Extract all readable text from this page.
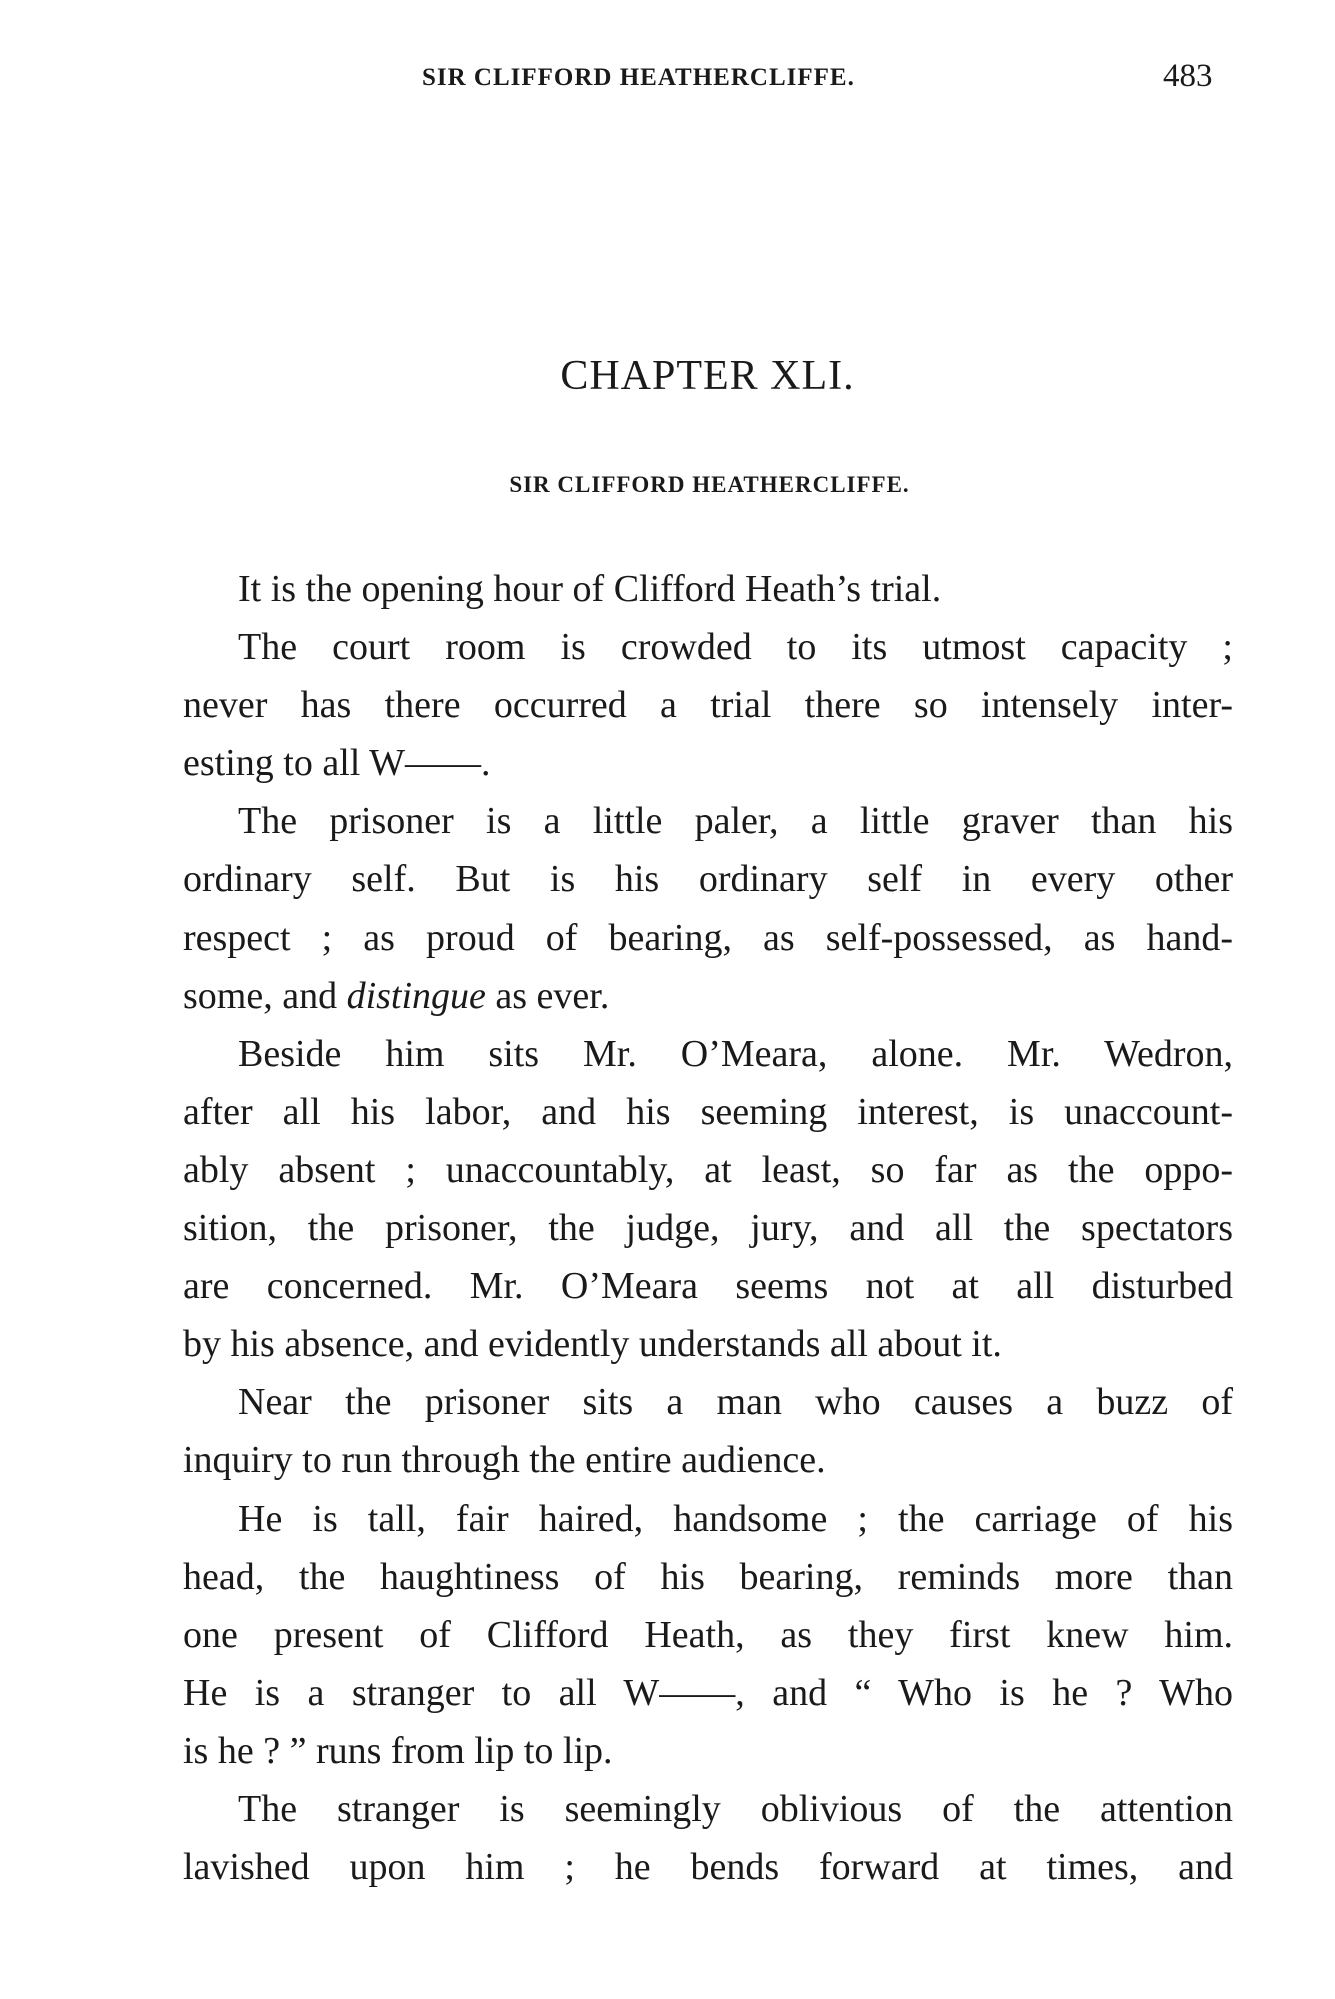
SIR CLIFFORD HEATHERCLIFFE.	483
CHAPTER XLI.
SIR CLIFFORD HEATHERCLIFFE.

It is the opening hour of Clifford Heath’s trial.

The court room is crowded to its utmost capacity ;
never has there occurred a trial there so intensely inter-
esting to all W——.

The prisoner is a little paler, a little graver than his
ordinary self. But is his ordinary self in every other
respect ; as proud of bearing, as self-possessed, as hand-
some, and distingue as ever.

Beside him sits Mr. O’Meara, alone. Mr. Wedron,
after all his labor, and his seeming interest, is unaccount-
ably absent ; unaccountably, at least, so far as the oppo-
sition, the prisoner, the judge, jury, and all the spectators
are concerned. Mr. O’Meara seems not at all disturbed
by his absence, and evidently understands all about it.

Near the prisoner sits a man who causes a buzz of
inquiry to run through the entire audience.

He is tall, fair haired, handsome ; the carriage of his
head, the haughtiness of his bearing, reminds more than
one present of Clifford Heath, as they first knew him.
He is a stranger to all W——, and “ Who is he ? Who
is he ? ” runs from lip to lip.

The stranger is seemingly oblivious of the attention
lavished upon him ; he bends forward at times, and
